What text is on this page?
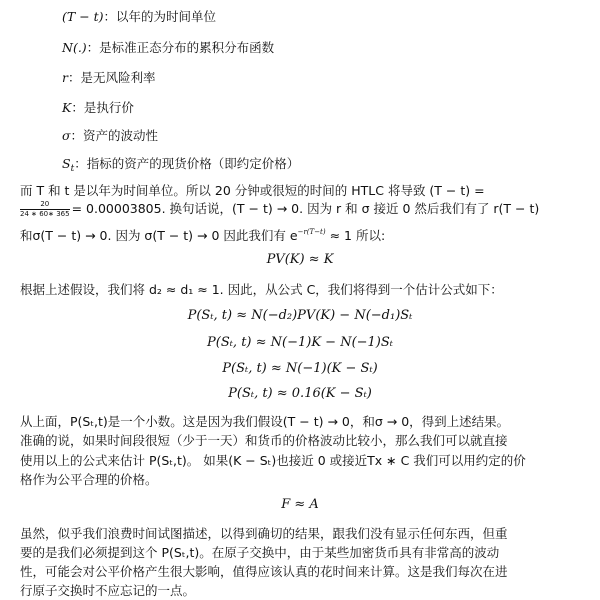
(T − t)：以年的为时间单位
N(.)：是标准正态分布的累积分布函数
r：是无风险利率
K：是执行价
σ：资产的波动性
$S_t$：指标的资产的现货价格（即约定价格）
而 T 和 t 是以年为时间单位。所以 20 分钟或很短的时间的 HTLC 将导致 (T − t) =
$\frac{20}{24 ∗ 60∗ 365} = 0.00003805$. 换句话说，(T − t) → 0. 因为 r 和 σ 接近 0 然后我们有了 r(T − t)
和σ(T − t) → 0. 因为 σ(T − t) → 0 因此我们有 $e^{-r(T-t)} \approx 1$ 所以:
PV(K) ≈ K
根据上述假设，我们将 d₂ ≈ d₁ ≈ 1. 因此，从公式 C，我们将得到一个估计公式如下：
P(Sₜ, t) ≈ N(−d₂)PV(K) − N(−d₁)Sₜ
P(Sₜ, t) ≈ N(−1)K − N(−1)Sₜ
P(Sₜ, t) ≈ N(−1)(K − Sₜ)
P(Sₜ, t) ≈ 0.16(K − Sₜ)
从上面，P(Sₜ,t)是一个小数。这是因为我们假设(T − t) → 0，和σ → 0，得到上述结果。
准确的说，如果时间段很短（少于一天）和货币的价格波动比较小，那么我们可以就直接
使用以上的公式来估计 P(Sₜ,t)。 如果(K − Sₜ)也接近 0 或接近Tx ∗ C 我们可以用约定的价
格作为公平合理的价格。
F ≈ A
虽然，似乎我们浪费时间试图描述，以得到确切的结果，跟我们没有显示任何东西，但重
要的是我们必须提到这个 P(Sₜ,t)。在原子交换中，由于某些加密货币具有非常高的波动
性，可能会对公平价格产生很大影响，值得应该认真的花时间来计算。这是我们每次在进
行原子交换时不应忘记的一点。
